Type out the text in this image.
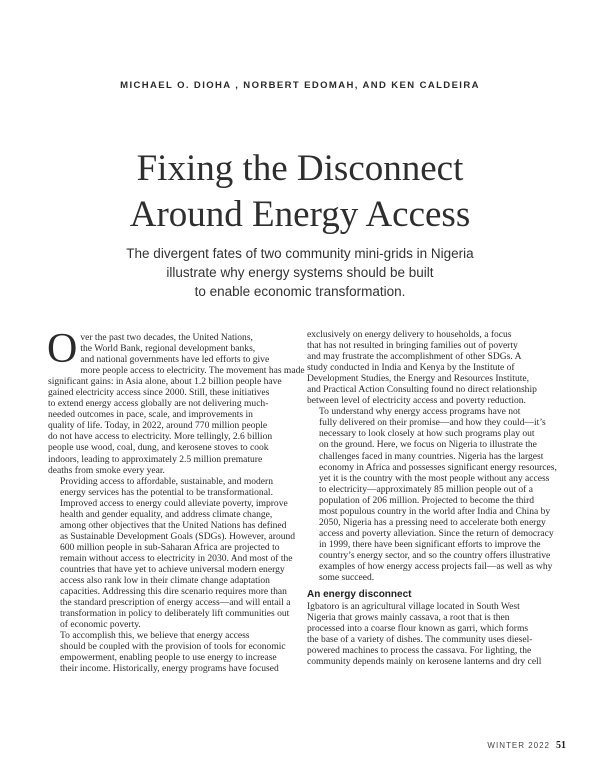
MICHAEL O. DIOHA , NORBERT EDOMAH, AND KEN CALDEIRA
Fixing the Disconnect
Around Energy Access
The divergent fates of two community mini-grids in Nigeria
illustrate why energy systems should be built
to enable economic transformation.

O ver the past two decades, the United Nations,
the World Bank, regional development banks,
and national governments have led efforts to give
more people access to electricity. The movement has made
significant gains: in Asia alone, about 1.2 billion people have
gained electricity access since 2000. Still, these initiatives
to extend energy access globally are not delivering much-
needed outcomes in pace, scale, and improvements in
quality of life. Today, in 2022, around 770 million people
do not have access to electricity. More tellingly, 2.6 billion
people use wood, coal, dung, and kerosene stoves to cook
indoors, leading to approximately 2.5 million premature
deaths from smoke every year.

Providing access to affordable, sustainable, and modern
energy services has the potential to be transformational.
Improved access to energy could alleviate poverty, improve
health and gender equality, and address climate change,
among other objectives that the United Nations has defined
as Sustainable Development Goals (SDGs). However, around
600 million people in sub-Saharan Africa are projected to
remain without access to electricity in 2030. And most of the
countries that have yet to achieve universal modern energy
access also rank low in their climate change adaptation
capacities. Addressing this dire scenario requires more than
the standard prescription of energy access—and will entail a
transformation in policy to deliberately lift communities out
of economic poverty.

To accomplish this, we believe that energy access
should be coupled with the provision of tools for economic
empowerment, enabling people to use energy to increase
their income. Historically, energy programs have focused

exclusively on energy delivery to households, a focus
that has not resulted in bringing families out of poverty
and may frustrate the accomplishment of other SDGs. A
study conducted in India and Kenya by the Institute of
Development Studies, the Energy and Resources Institute,
and Practical Action Consulting found no direct relationship
between level of electricity access and poverty reduction.

To understand why energy access programs have not
fully delivered on their promise—and how they could—it’s
necessary to look closely at how such programs play out
on the ground. Here, we focus on Nigeria to illustrate the
challenges faced in many countries. Nigeria has the largest
economy in Africa and possesses significant energy resources,
yet it is the country with the most people without any access
to electricity—approximately 85 million people out of a
population of 206 million. Projected to become the third
most populous country in the world after India and China by
2050, Nigeria has a pressing need to accelerate both energy
access and poverty alleviation. Since the return of democracy
in 1999, there have been significant efforts to improve the
country’s energy sector, and so the country offers illustrative
examples of how energy access projects fail—as well as why
some succeed.

An energy disconnect

Igbatoro is an agricultural village located in South West
Nigeria that grows mainly cassava, a root that is then
processed into a coarse flour known as garri, which forms
the base of a variety of dishes. The community uses diesel-
powered machines to process the cassava. For lighting, the
community depends mainly on kerosene lanterns and dry cell

WINTER 2022 51
